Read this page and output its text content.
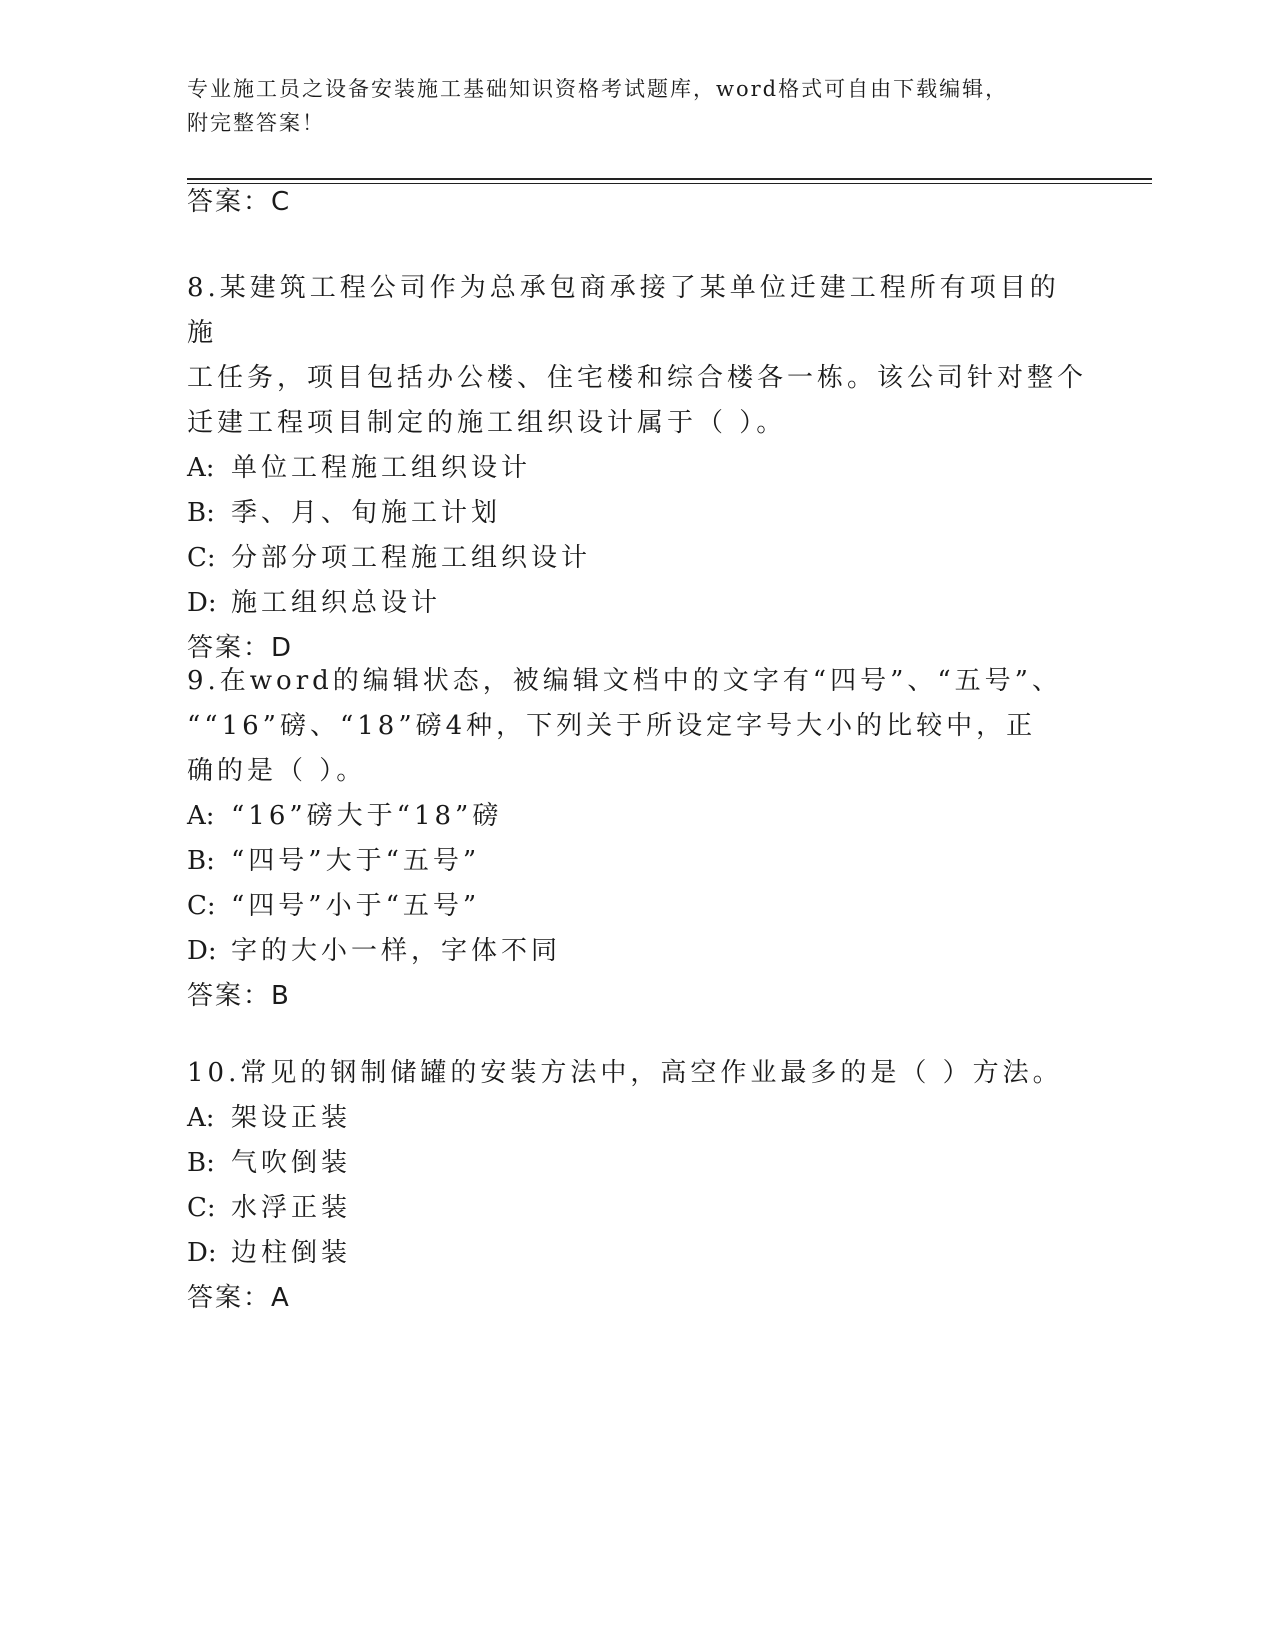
专业施工员之设备安装施工基础知识资格考试题库，word格式可自由下载编辑，
附完整答案！
答案：C
8.某建筑工程公司作为总承包商承接了某单位迁建工程所有项目的施
工任务，项目包括办公楼、住宅楼和综合楼各一栋。该公司针对整个
迁建工程项目制定的施工组织设计属于（ ）。
A: 单位工程施工组织设计
B: 季、月、旬施工计划
C: 分部分项工程施工组织设计
D: 施工组织总设计
答案：D
9.在word的编辑状态，被编辑文档中的文字有“四号”、“五号”、
““16”磅、“18”磅4种，下列关于所设定字号大小的比较中，正
确的是（ ）。
A: “16”磅大于“18”磅
B: “四号”大于“五号”
C: “四号”小于“五号”
D: 字的大小一样，字体不同
答案：B
10.常见的钢制储罐的安装方法中，高空作业最多的是（ ）方法。
A: 架设正装
B: 气吹倒装
C: 水浮正装
D: 边柱倒装
答案：A
